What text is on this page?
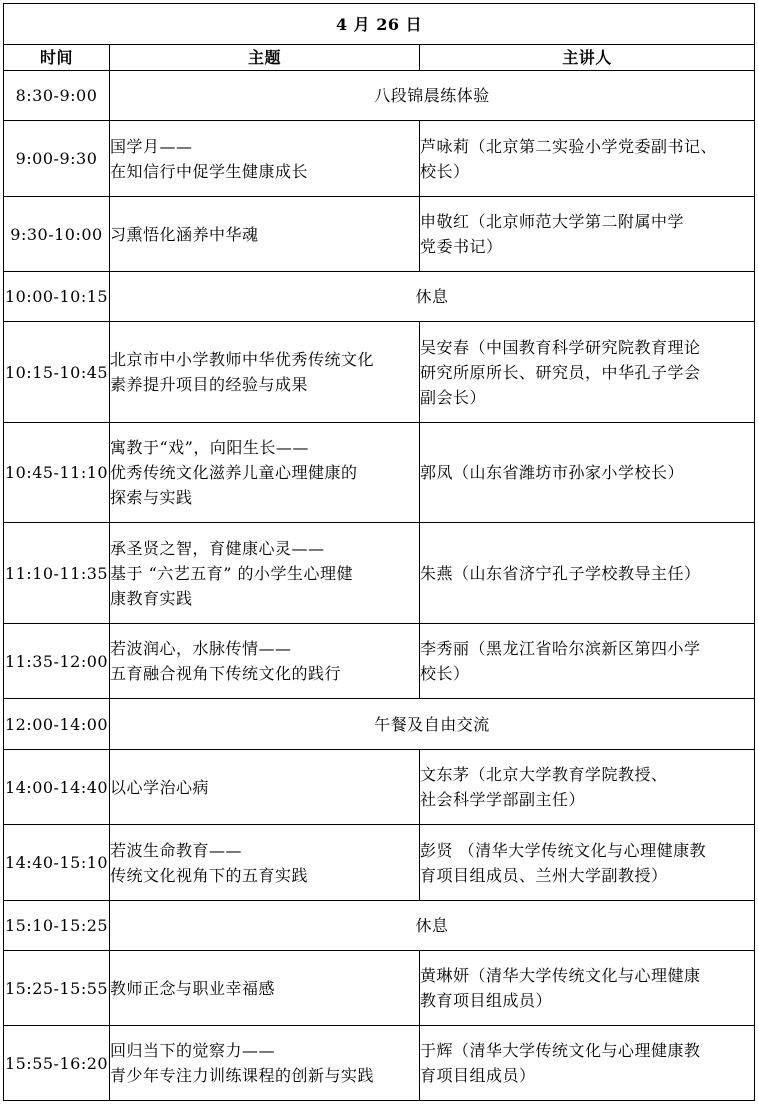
4 月 26 日		
时间	主题	主讲人
8:30-9:00	八段锦晨练体验	
9:00-9:30	国学月——
在知信行中促学生健康成长	芦咏莉（北京第二实验小学党委副书记、
校长）

9:30-10:00	习熏悟化涵养中华魂	申敬红（北京师范大学第二附属中学
党委书记）

10:00-10:15	休息	
10:15-10:45	北京市中小学教师中华优秀传统文化
素养提升项目的经验与成果	吴安春（中国教育科学研究院教育理论
研究所原所长、研究员，中华孔子学会
副会长）

10:45-11:10	寓教于“戏”，向阳生长——
优秀传统文化滋养儿童心理健康的
探索与实践	郭凤（山东省潍坊市孙家小学校长）

11:10-11:35	承圣贤之智，育健康心灵——
基于 “六艺五育” 的小学生心理健
康教育实践	朱燕（山东省济宁孔子学校教导主任）

11:35-12:00	若波润心，水脉传情——
五育融合视角下传统文化的践行	李秀丽（黑龙江省哈尔滨新区第四小学
校长）

12:00-14:00	午餐及自由交流	
14:00-14:40	以心学治心病	文东茅（北京大学教育学院教授、
社会科学学部副主任）

14:40-15:10	若波生命教育——
传统文化视角下的五育实践	彭贤 （清华大学传统文化与心理健康教
育项目组成员、兰州大学副教授）

15:10-15:25	休息	
15:25-15:55	教师正念与职业幸福感	黄琳妍（清华大学传统文化与心理健康
教育项目组成员）

15:55-16:20	回归当下的觉察力——
青少年专注力训练课程的创新与实践	于辉（清华大学传统文化与心理健康教
育项目组成员）
